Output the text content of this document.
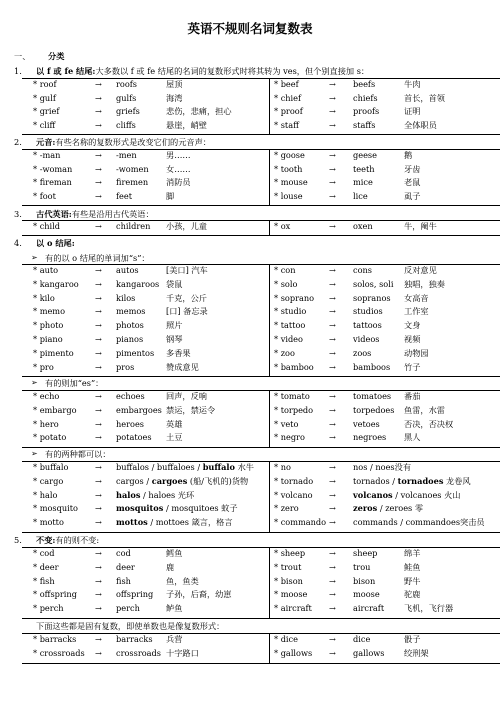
英语不规则名词复数表
一、 分类
1. 以 f 或 fe 结尾:大多数以 f 或 fe 结尾的名词的复数形式时将其转为 ves，但个别直接加 s：
* roof	→ roofs	屋顶	* beef	→ beefs	牛肉
* gulf	→ gulfs	海湾	* chief	→ chiefs	首长，首领
* grief	→ griefs	悲伤，悲痛，担心	* proof	→ proofs	证明
* cliff	→ cliffs	悬崖，峭壁	* staff	→ staffs	全体职员
2. 元音:有些名称的复数形式是改变它们的元音声：
* -man	→ -men	男……	* goose	→ geese	鹅
* -woman	→ -women 女……	* tooth	→ teeth	牙齿
* fireman	→ firemen 消防员	* mouse	→ mice	老鼠
* foot	→ feet	脚	* louse	→ lice	虱子
3. 古代英语:有些是沿用古代英语：
* child	→ children 小孩，儿童	* ox	→ oxen	牛，阉牛
4. 以 o 结尾:
➢ 有的以 o 结尾的单词加“s”：
* auto	→ autos	[美口] 汽车	* con	→ cons	反对意见
* kangaroo → kangaroos 袋鼠	* solo	→ solos, soli 独唱，独奏
* kilo	→ kilos	千克，公斤	* soprano → sopranos 女高音
* memo	→ memos [口] 备忘录	* studio	→ studios	工作室
* photo	→ photos	照片	* tattoo	→ tattoos	文身
* piano	→ pianos	钢琴	* video	→ videos	视频
* pimento	→ pimentos 多香果	* zoo	→ zoos	动物园
* pro	→ pros	赞成意见	* bamboo → bamboos 竹子
➢ 有的则加“es”：
* echo	→ echoes	回声，反响	* tomato → tomatoes 番茄
* embargo → embargoes 禁运，禁运令	* torpedo → torpedoes 鱼雷，水雷
* hero	→ heroes	英雄	* veto	→ vetoes	否决，否决权
* potato	→ potatoes 土豆	* negro	→ negroes 黑人
➢ 有的两种都可以：
* buffalo	→ buffalos / buffaloes / buffalo 水牛 * no	→ nos / noes没有
* cargo	→ cargos / cargoes (船/飞机的)货物	* tornado → tornados / tornadoes 龙卷风
* halo	→ halos / haloes 光环	* volcano → volcanos / volcanoes 火山
* mosquito → mosquitos / mosquitoes 蚊子	* zero	→ zeros / zeroes 零
* motto	→ mottos / mottoes 箴言，格言	* commando → commands / commandoes突击员
5. 不变:有的则不变:
* cod	→ cod	鳕鱼	* sheep	→ sheep	绵羊
* deer	→ deer	鹿	* trout	→ trou	鲑鱼
* fish	→ fish	鱼，鱼类	* bison	→ bison	野牛
* offspring → offspring 子孙，后裔，幼崽	* moose	→ moose	驼鹿
* perch	→ perch	鲈鱼	* aircraft → aircraft 飞机，飞行器
下面这些都是固有复数，即使单数也是像复数形式：
* barracks → barracks 兵营	* dice	→ dice	骰子
* crossroads → crossroads 十字路口	* gallows → gallows 绞刑架
